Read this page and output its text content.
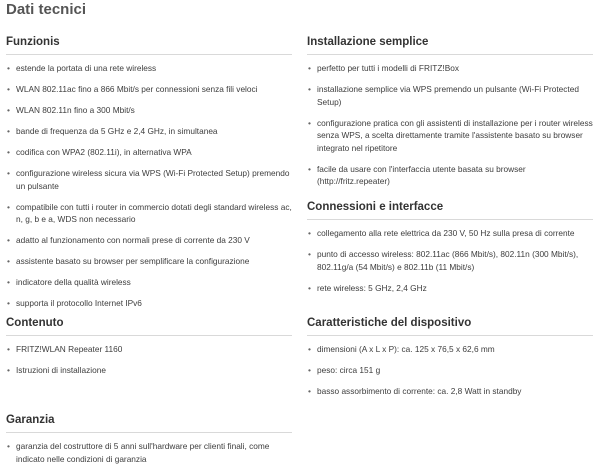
Dati tecnici
Funzionis
• estende la portata di una rete wireless
• WLAN 802.11ac fino a 866 Mbit/s per connessioni senza fili veloci
• WLAN 802.11n fino a 300 Mbit/s
• bande di frequenza da 5 GHz e 2,4 GHz, in simultanea
• codifica con WPA2 (802.11i), in alternativa WPA
• configurazione wireless sicura via WPS (Wi-Fi Protected Setup) premendo un pulsante
• compatibile con tutti i router in commercio dotati degli standard wireless ac, n, g, b e a, WDS non necessario
• adatto al funzionamento con normali prese di corrente da 230 V
• assistente basato su browser per semplificare la configurazione
• indicatore della qualità wireless
• supporta il protocollo Internet IPv6
Installazione semplice
• perfetto per tutti i modelli di FRITZ!Box
• installazione semplice via WPS premendo un pulsante (Wi-Fi Protected Setup)
• configurazione pratica con gli assistenti di installazione per i router wireless senza WPS, a scelta direttamente tramite l'assistente basato su browser integrato nel ripetitore
• facile da usare con l'interfaccia utente basata su browser (http://fritz.repeater)
Connessioni e interfacce
• collegamento alla rete elettrica da 230 V, 50 Hz sulla presa di corrente
• punto di accesso wireless: 802.11ac (866 Mbit/s), 802.11n (300 Mbit/s), 802.11g/a (54 Mbit/s) e 802.11b (11 Mbit/s)
• rete wireless: 5 GHz, 2,4 GHz
Contenuto
• FRITZ!WLAN Repeater 1160
• Istruzioni di installazione
Caratteristiche del dispositivo
• dimensioni (A x L x P): ca. 125 x 76,5 x 62,6 mm
• peso: circa 151 g
• basso assorbimento di corrente: ca. 2,8 Watt in standby
Garanzia
• garanzia del costruttore di 5 anni sull'hardware per clienti finali, come indicato nelle condizioni di garanzia
